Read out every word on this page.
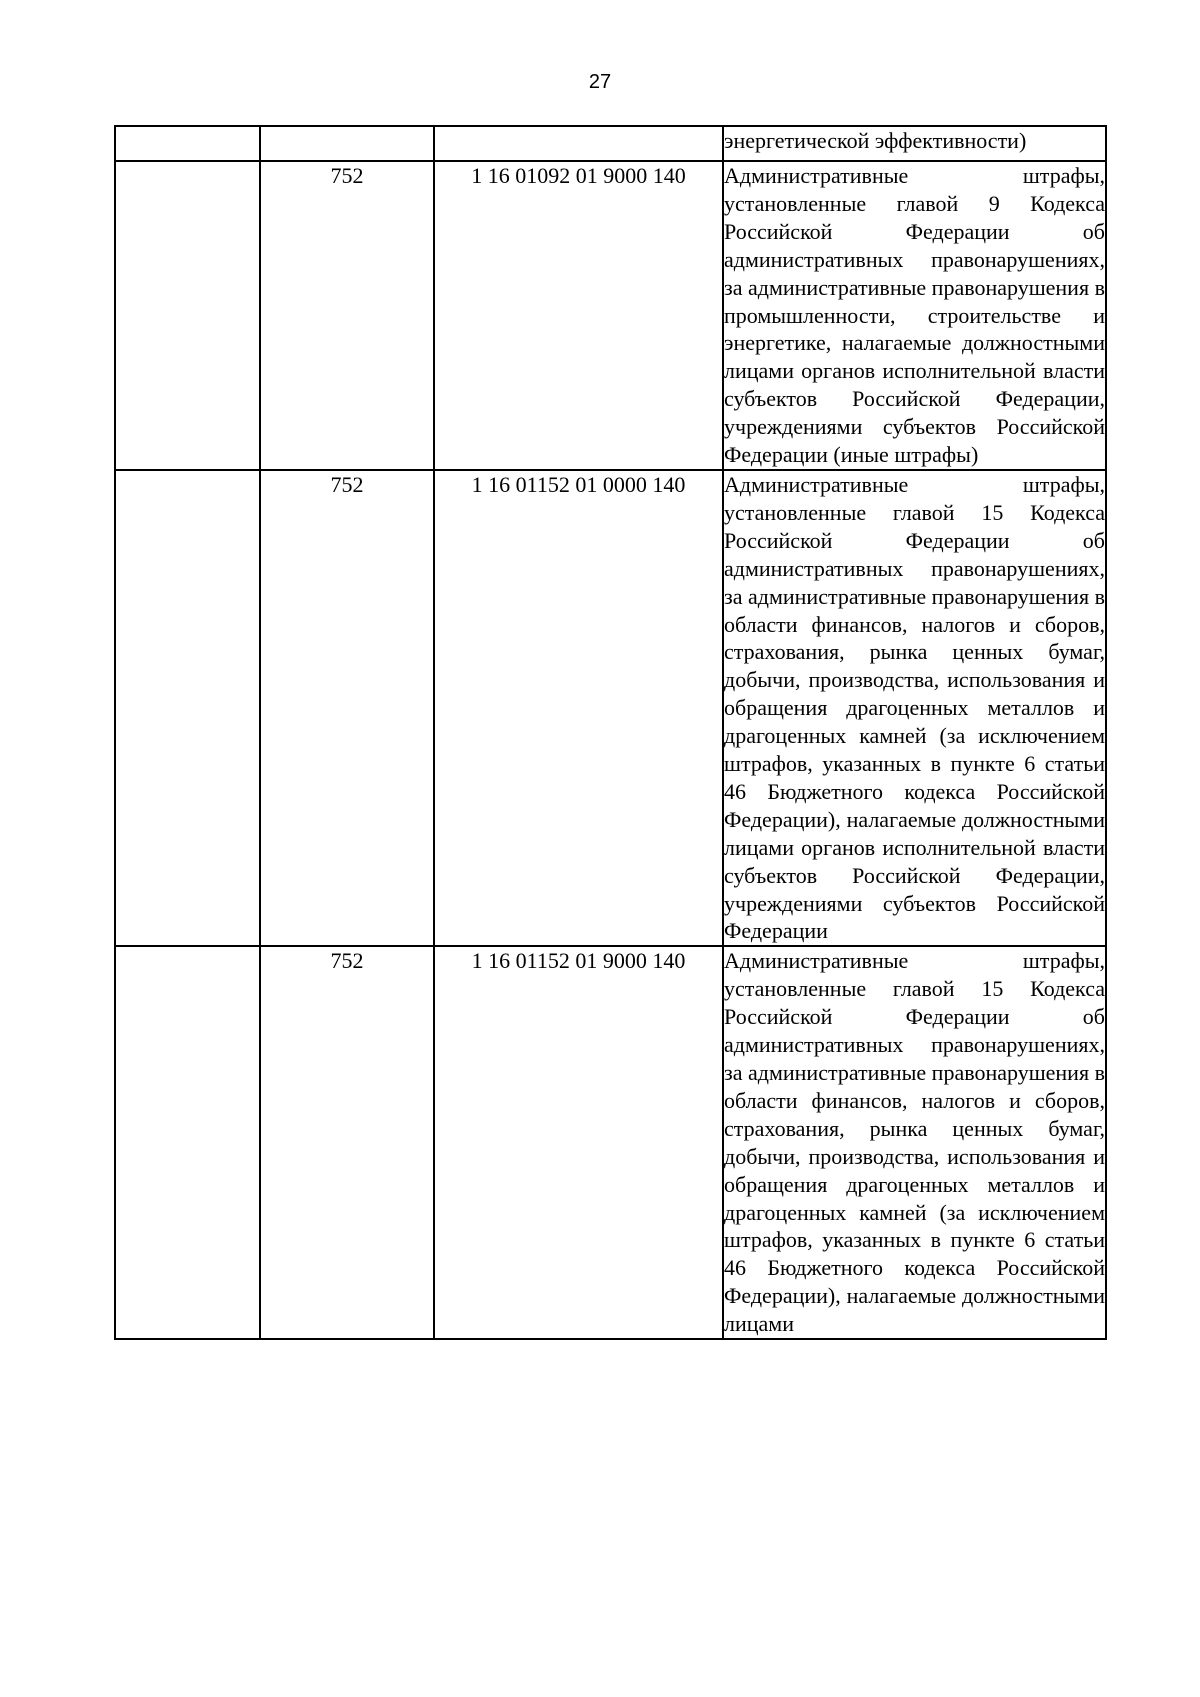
27

			энергетической эффективности)

	752	1 16 01092 01 9000 140	Административные штрафы, установленные главой 9 Кодекса Российской Федерации об административных правонарушениях, за административные правонарушения в промышленности, строительстве и энергетике, налагаемые должностными лицами органов исполнительной власти субъектов Российской Федерации, учреждениями субъектов Российской Федерации (иные штрафы)

	752	1 16 01152 01 0000 140	Административные штрафы, установленные главой 15 Кодекса Российской Федерации об административных правонарушениях, за административные правонарушения в области финансов, налогов и сборов, страхования, рынка ценных бумаг, добычи, производства, использования и обращения драгоценных металлов и драгоценных камней (за исключением штрафов, указанных в пункте 6 статьи 46 Бюджетного кодекса Российской Федерации), налагаемые должностными лицами органов исполнительной власти субъектов Российской Федерации, учреждениями субъектов Российской Федерации

	752	1 16 01152 01 9000 140	Административные штрафы, установленные главой 15 Кодекса Российской Федерации об административных правонарушениях, за административные правонарушения в области финансов, налогов и сборов, страхования, рынка ценных бумаг, добычи, производства, использования и обращения драгоценных металлов и драгоценных камней (за исключением штрафов, указанных в пункте 6 статьи 46 Бюджетного кодекса Российской Федерации), налагаемые должностными лицами
